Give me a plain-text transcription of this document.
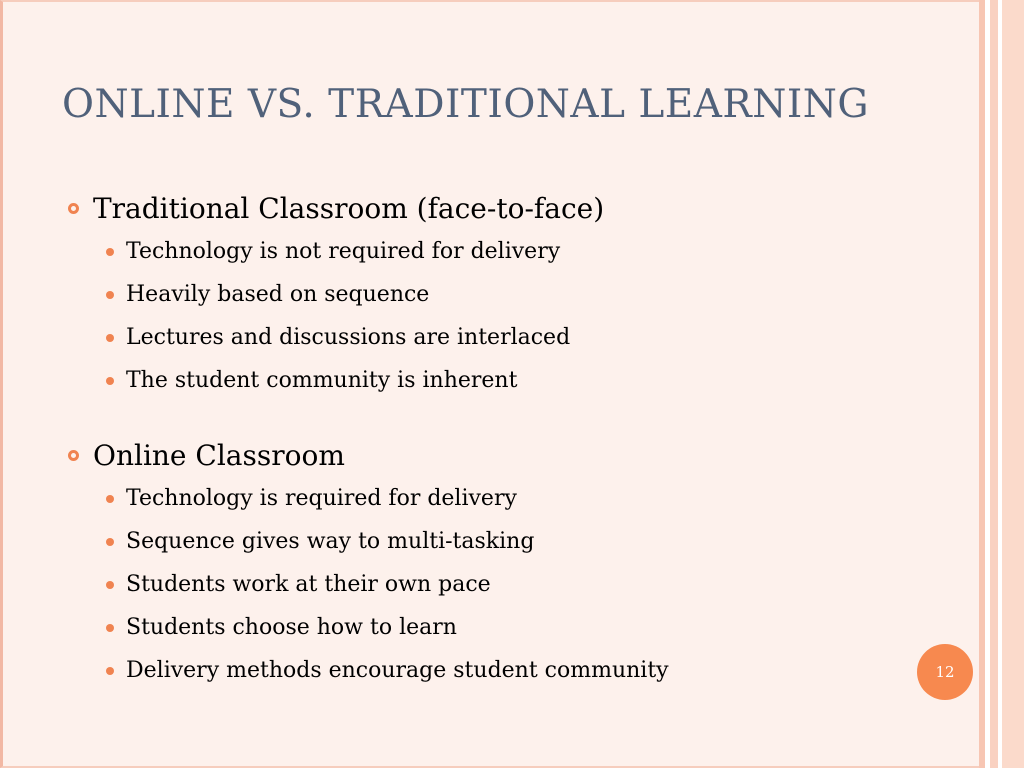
ONLINE VS. TRADITIONAL LEARNING
Traditional Classroom (face-to-face)
Technology is not required for delivery
Heavily based on sequence
Lectures and discussions are interlaced
The student community is inherent
Online Classroom
Technology is required for delivery
Sequence gives way to multi-tasking
Students work at their own pace
Students choose how to learn
Delivery methods encourage student community	12
